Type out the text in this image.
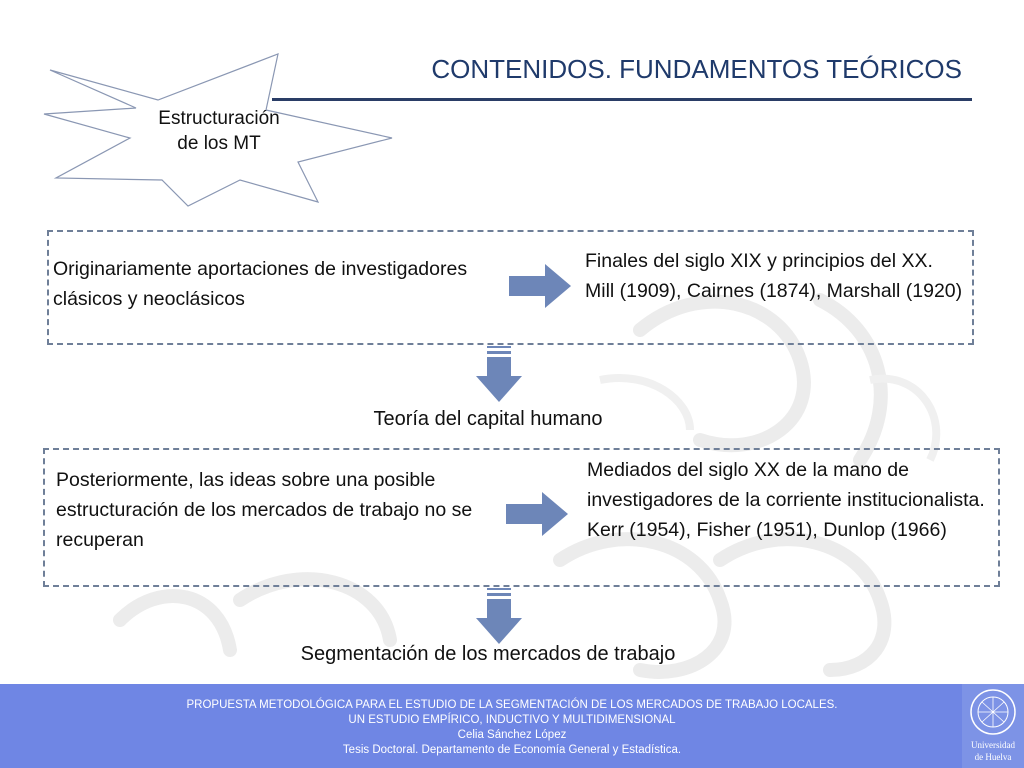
CONTENIDOS. FUNDAMENTOS TEÓRICOS
Estructuración
de los MT
Originariamente aportaciones de investigadores clásicos y neoclásicos
Finales del siglo XIX y principios del XX. Mill (1909), Cairnes (1874), Marshall (1920)
Teoría del capital humano
Posteriormente, las ideas sobre una posible estructuración de los mercados de trabajo no se recuperan
Mediados del siglo XX de la mano de investigadores de la corriente institucionalista. Kerr (1954), Fisher (1951), Dunlop (1966)
Segmentación de los mercados de trabajo
PROPUESTA METODOLÓGICA PARA EL ESTUDIO DE LA SEGMENTACIÓN DE LOS MERCADOS DE TRABAJO LOCALES.
UN ESTUDIO EMPÍRICO, INDUCTIVO Y MULTIDIMENSIONAL
Celia Sánchez López
Tesis Doctoral. Departamento de Economía General y Estadística.	Universidad
de Huelva
